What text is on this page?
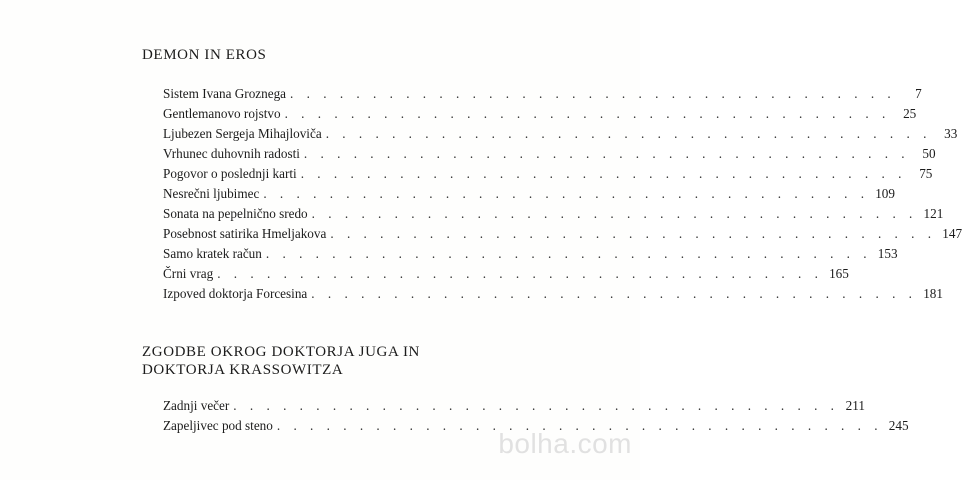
DEMON IN EROS
Sistem Ivana Groznega . . . . . . . . . . . . . . . . . . . . . . . . . . . . . . . . . . . . .	7
Gentlemanovo rojstvo . . . . . . . . . . . . . . . . . . . . . . . . . . . . . . . . . . . . . 25
Ljubezen Sergeja Mihajloviča . . . . . . . . . . . . . . . . . . . . . . . . . . . . . . . . . . . . . 33
Vrhunec duhovnih radosti . . . . . . . . . . . . . . . . . . . . . . . . . . . . . . . . . . . . . 50
Pogovor o poslednji karti . . . . . . . . . . . . . . . . . . . . . . . . . . . . . . . . . . . . . 75
Nesrečni ljubimec . . . . . . . . . . . . . . . . . . . . . . . . . . . . . . . . . . . . . 109
Sonata na pepelnično sredo . . . . . . . . . . . . . . . . . . . . . . . . . . . . . . . . . . . . . 121
Posebnost satirika Hmeljakova . . . . . . . . . . . . . . . . . . . . . . . . . . . . . . . . . . . . . 147
Samo kratek račun . . . . . . . . . . . . . . . . . . . . . . . . . . . . . . . . . . . . . 153
Črni vrag . . . . . . . . . . . . . . . . . . . . . . . . . . . . . . . . . . . . . 165
Izpoved doktorja Forcesina . . . . . . . . . . . . . . . . . . . . . . . . . . . . . . . . . . . . . 181
ZGODBE OKROG DOKTORJA JUGA IN
DOKTORJA KRASSOWITZA
Zadnji večer . . . . . . . . . . . . . . . . . . . . . . . . . . . . . . . . . . . . . 211
Zapeljivec pod steno . . . . . . . . . . . . . . . . . . . . . . . . . . . . . . . . . . . . . 245
bolha.com
